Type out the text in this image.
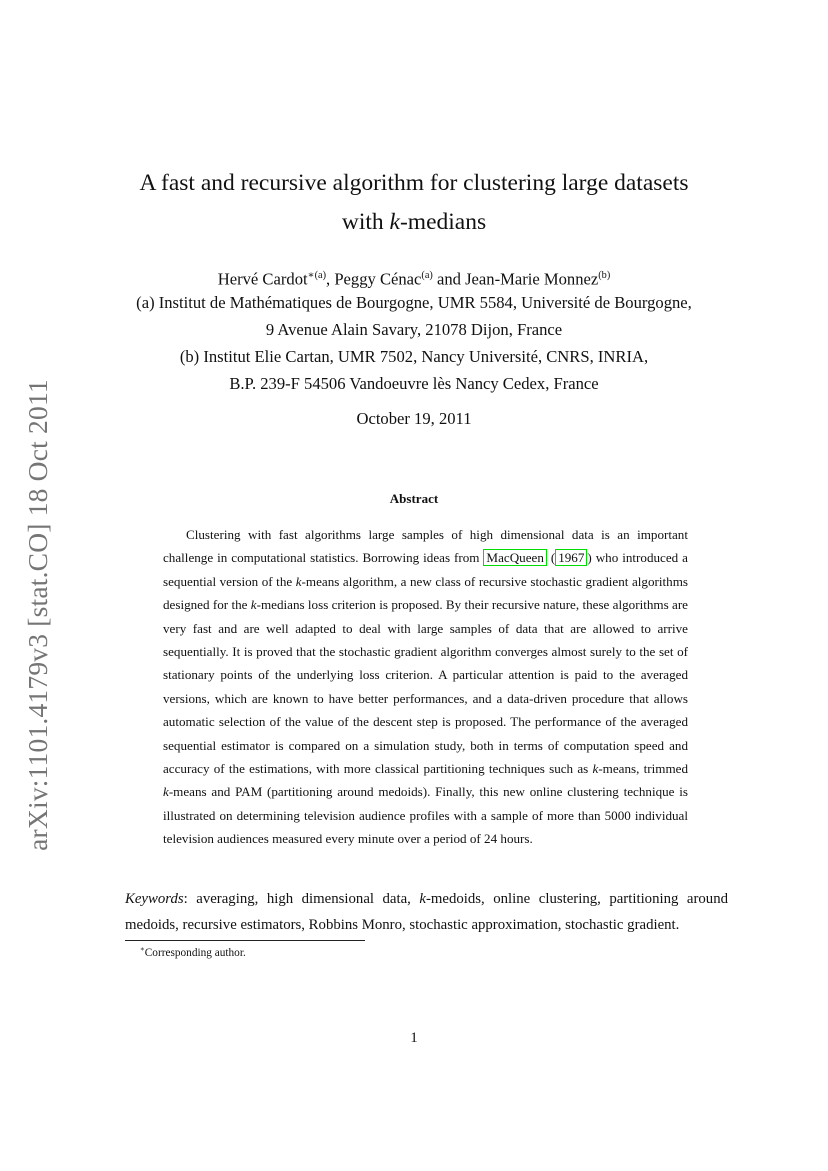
arXiv:1101.4179v3 [stat.CO] 18 Oct 2011
A fast and recursive algorithm for clustering large datasets
with k-medians
Hervé Cardot$^{∗(a)}$, Peggy Cénac$^{(a)}$ and Jean-Marie Monnez$^{(b)}$
(a) Institut de Mathématiques de Bourgogne, UMR 5584, Université de Bourgogne,
9 Avenue Alain Savary, 21078 Dijon, France
(b) Institut Elie Cartan, UMR 7502, Nancy Université, CNRS, INRIA,
B.P. 239-F 54506 Vandoeuvre lès Nancy Cedex, France
October 19, 2011
Abstract
Clustering with fast algorithms large samples of high dimensional data is an important challenge in computational statistics. Borrowing ideas from MacQueen ( 1967 ) who introduced a sequential version of the k-means algorithm, a new class of recursive stochastic gradient algorithms designed for the k-medians loss criterion is proposed. By their recursive nature, these algorithms are very fast and are well adapted to deal with large samples of data that are allowed to arrive sequentially. It is proved that the stochastic gradient algorithm converges almost surely to the set of stationary points of the underlying loss criterion. A particular attention is paid to the averaged versions, which are known to have better performances, and a data-driven procedure that allows automatic selection of the value of the descent step is proposed. The performance of the averaged sequential estimator is compared on a simulation study, both in terms of computation speed and accuracy of the estimations, with more classical partitioning techniques such as k-means, trimmed k-means and PAM (partitioning around medoids). Finally, this new online clustering technique is illustrated on determining television audience profiles with a sample of more than 5000 individual television audiences measured every minute over a period of 24 hours.
Keywords: averaging, high dimensional data, k-medoids, online clustering, partitioning around medoids, recursive estimators, Robbins Monro, stochastic approximation, stochastic gradient.
∗Corresponding author.
1
